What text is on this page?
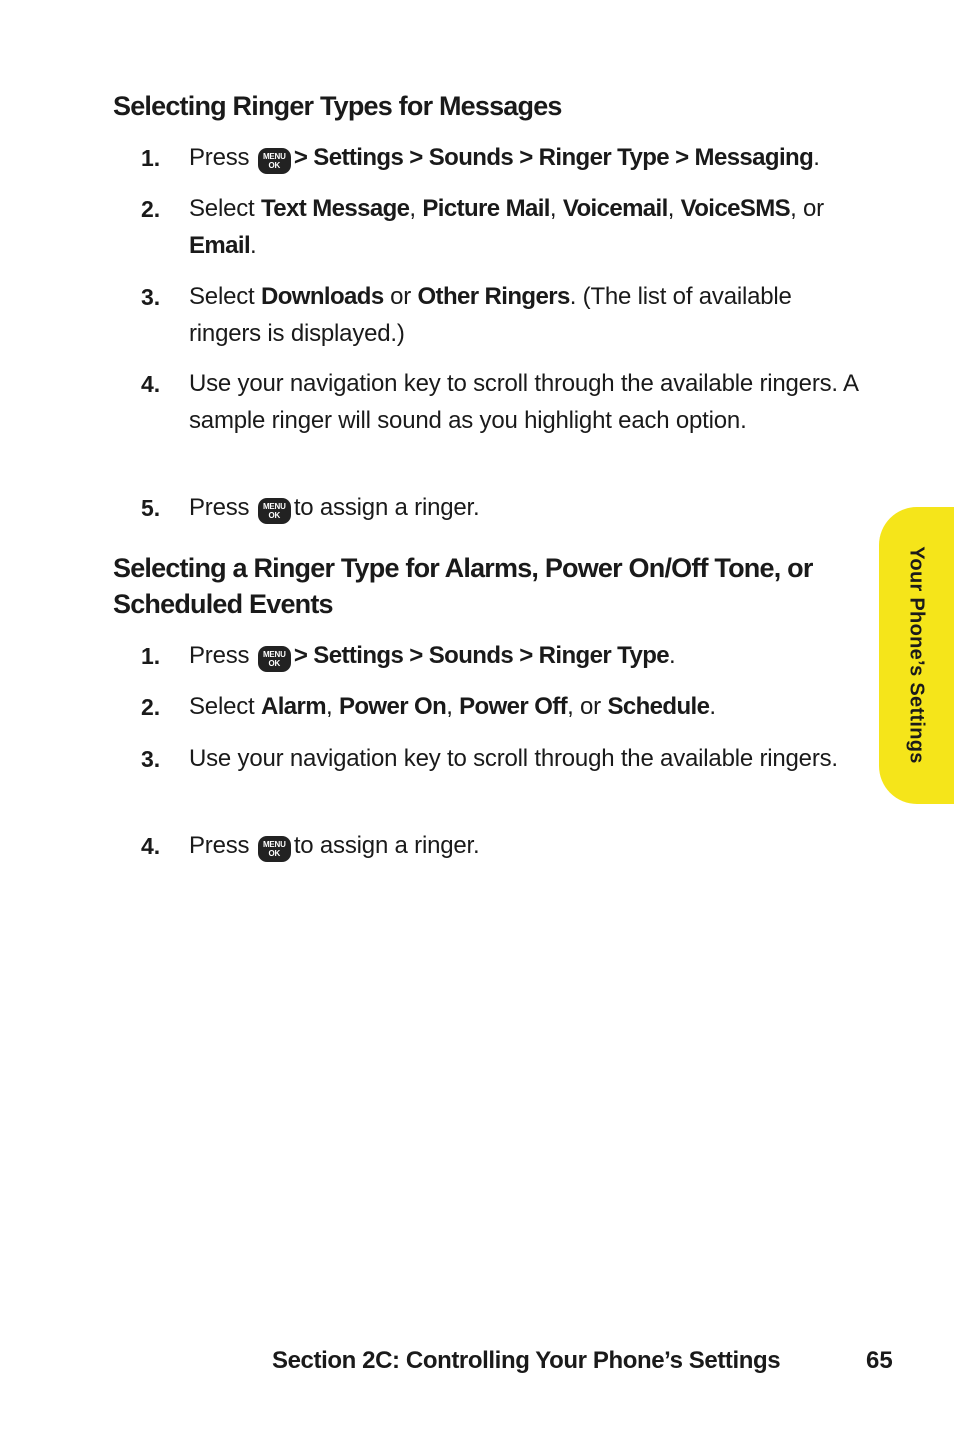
Selecting Ringer Types for Messages
1.	Press	MENU
OK > Settings > Sounds > Ringer Type > Messaging.
2.	Select Text Message, Picture Mail, Voicemail, VoiceSMS, or Email.
3.	Select Downloads or Other Ringers. (The list of available ringers is displayed.)
4.	Use your navigation key to scroll through the available ringers. A sample ringer will sound as you highlight each option.
5.	Press	MENU
OK to assign a ringer.
Selecting a Ringer Type for Alarms, Power On/Off Tone, or Scheduled Events
1.	Press	MENU
OK > Settings > Sounds > Ringer Type.
2.	Select Alarm, Power On, Power Off, or Schedule.
3.	Use your navigation key to scroll through the available ringers.
4.	Press	MENU
OK to assign a ringer.
Your Phone’s Settings
Section 2C: Controlling Your Phone’s Settings	65
